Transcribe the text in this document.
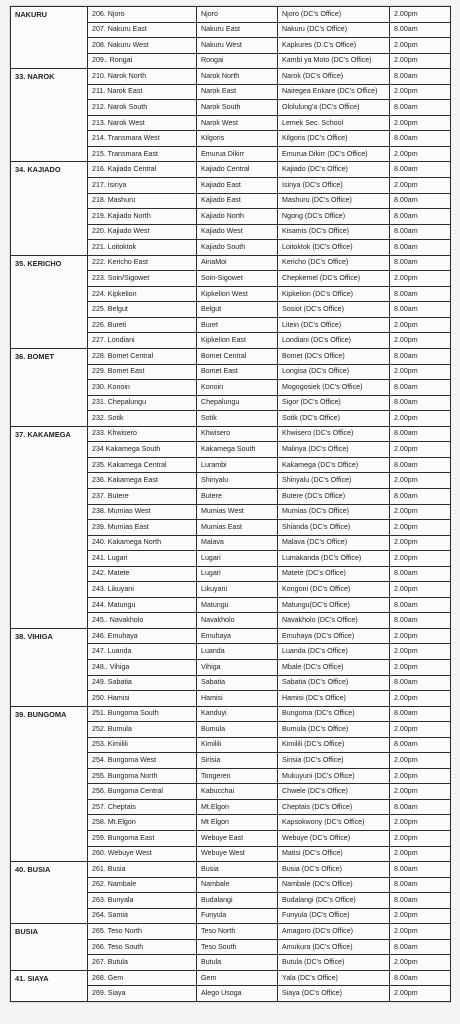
NAKURU	206. Njoro	Njoro	Njoro (DC's Office)	2.00pm
	207. Nakuru East	Nakuru East	Nakuru (DC's Office)	8.00am
	208. Nakuru West	Nakuru West	Kapkures (D.C's Office)	2.00pm
	209.. Rongai	Rongai	Kambi ya Moto (DC's Office)	2.00pm
33. NAROK	210. Narok North	Narok North	Narok (DC's Office)	8.00am
	211. Narok East	Narok East	Nairegea Enkare (DC's Office)	2.00pm
	212. Narok South	Narok South	Ololulung'a (DC's Office)	8.00am
	213. Narok West	Narok West	Lemek Sec. School	2.00pm
	214. Transmara West	Kilgoris	Kilgoris (DC's Office)	8.00am
	215. Transmara East	Emurua Dikirr	Emurua Dikirr (DC's Office)	2.00pm
34. KAJIADO	216. Kajiado Central	Kajiado Central	Kajiado (DC's Office)	8.00am
	217. Isinya	Kajiado East	Isinya (DC's Office)	2.00pm
	218. Mashuru	Kajiado East	Mashuru (DC's Office)	8.00am
	219. Kajiado North	Kajiado North	Ngong (DC's Office)	8.00am
	220. Kajiado West	Kajiado West	Kisamis (DC's Office)	8.00am
	221. Loitoktok	Kajiado South	Loitoktok (DC's Office)	8.00am
35. KERICHO	222. Kericho East	AinaMoi	Kericho (DC's Office)	8.00am
	223. Soin/Sigowet	Soin-Sigowet	Chepkemel (DC's Office)	2.00pm
	224. Kipkelion	Kipkelion West	Kipkelion (DC's Office)	8.00am
	225. Belgut	Belgut	Sosiot (DC's Office)	8.00am
	226. Bureti	Buret	Litein (DC's Office)	2.00pm
	227. Londiani	Kipkelion East	Londiani (DC's Office)	2.00pm
36. BOMET	228. Bomet Central	Bomet Central	Bomet (DC's Office)	8.00am
	229. Bomet East	Bomet East	Longisa (DC's Office)	2.00pm
	230. Konoin	Konoin	Mogogosiek (DC's Office)	8.00am
	231. Chepalungu	Chepalungu	Sigor (DC's Office)	8.00am
	232. Sotik	Sotik	Sotik (DC's Office)	2.00pm
37. KAKAMEGA	233. Khwisero	Khwisero	Khwisero (DC's Office)	8.00am
	234 Kakamega South	Kakamega South	Malinya (DC's Office)	2.00pm
	235. Kakamega Central	Lurambi	Kakamega (DC's Office)	8.00am
	236. Kakamega East	Shinyalu	Shinyalu (DC's Office)	2.00pm
	237. Butere	Butere	Butere (DC's Office)	8.00am
	238. Mumias West	Mumias West	Mumias (DC's Office)	2.00pm
	239. Mumias East	Mumias East	Shianda (DC's Office)	2.00pm
	240. Kakamega North	Malava	Malava (DC's Office)	2.00pm
	241. Lugari	Lugari	Lumakanda (DC's Office)	2.00pm
	242. Matete	Lugari	Matete (DC's Office)	8.00am
	243. Likuyani	Likuyani	Kongoni (DC's Office)	2.00pm
	244. Matungu	Matungu	Matungu(DC's Office)	8.00am
	245.. Navakholo	Navakholo	Navakholo (DC's Office)	8.00am
38. VIHIGA	246. Emuhaya	Emuhaya	Emuhaya (DC's Office)	2.00pm
	247. Luanda	Luanda	Luanda (DC's Office)	2.00pm
	248.. Vihiga	Vihiga	Mbale (DC's Office)	2.00pm
	249. Sabatia	Sabatia	Sabatia (DC's Office)	8.00am
	250. Hamisi	Hamisi	Hamisi (DC's Office)	2.00pm
39. BUNGOMA	251. Bungoma South	Kanduyi	Bungoma (DC's Office)	8.00am
	252. Bumula	Bumula	Bumula (DC's Office)	2.00pm
	253. Kimilili	Kimilili	Kimilili (DC's Office)	8.00am
	254. Bungoma West	Sirisia	Sirisia (DC's Office)	2.00pm
	255. Bungoma North	Tongeren	Mukuyuni (DC's Office)	2.00pm
	256. Bungoma Central	Kabucchai	Chwele (DC's Office)	2.00pm
	257. Cheptais	Mt.Elgon	Cheptais (DC's Office)	8.00am
	258. Mt.Elgon	Mt Elgon	Kapsokwony (DC's Office)	2.00pm
	259. Bungoma East	Webuye East	Webuye (DC's Office)	2.00pm
	260. Webuye West	Webuye West	Matisi (DC's Office)	2.00pm
40. BUSIA	261. Busia	Busia	Busia (DC's Office)	8.00am
	262. Nambale	Nambale	Nambale (DC's Office)	8.00am
	263. Bunyala	Budalangi	Budalangi (DC's Office)	8.00am
	264. Samia	Funyula	Funyula (DC's Office)	2.00pm
BUSIA	265. Teso North	Teso North	Amagoro (DC's Office)	2.00pm
	266. Teso South	Teso South	Amukura (DC's Office)	8.00am
	267. Butula	Butula	Butula (DC's Office)	2.00pm
41. SIAYA	268. Gem	Gem	Yala (DC's Office)	8.00am
	269. Siaya	Alego Usoga	Siaya (DC's Office)	2.00pm
